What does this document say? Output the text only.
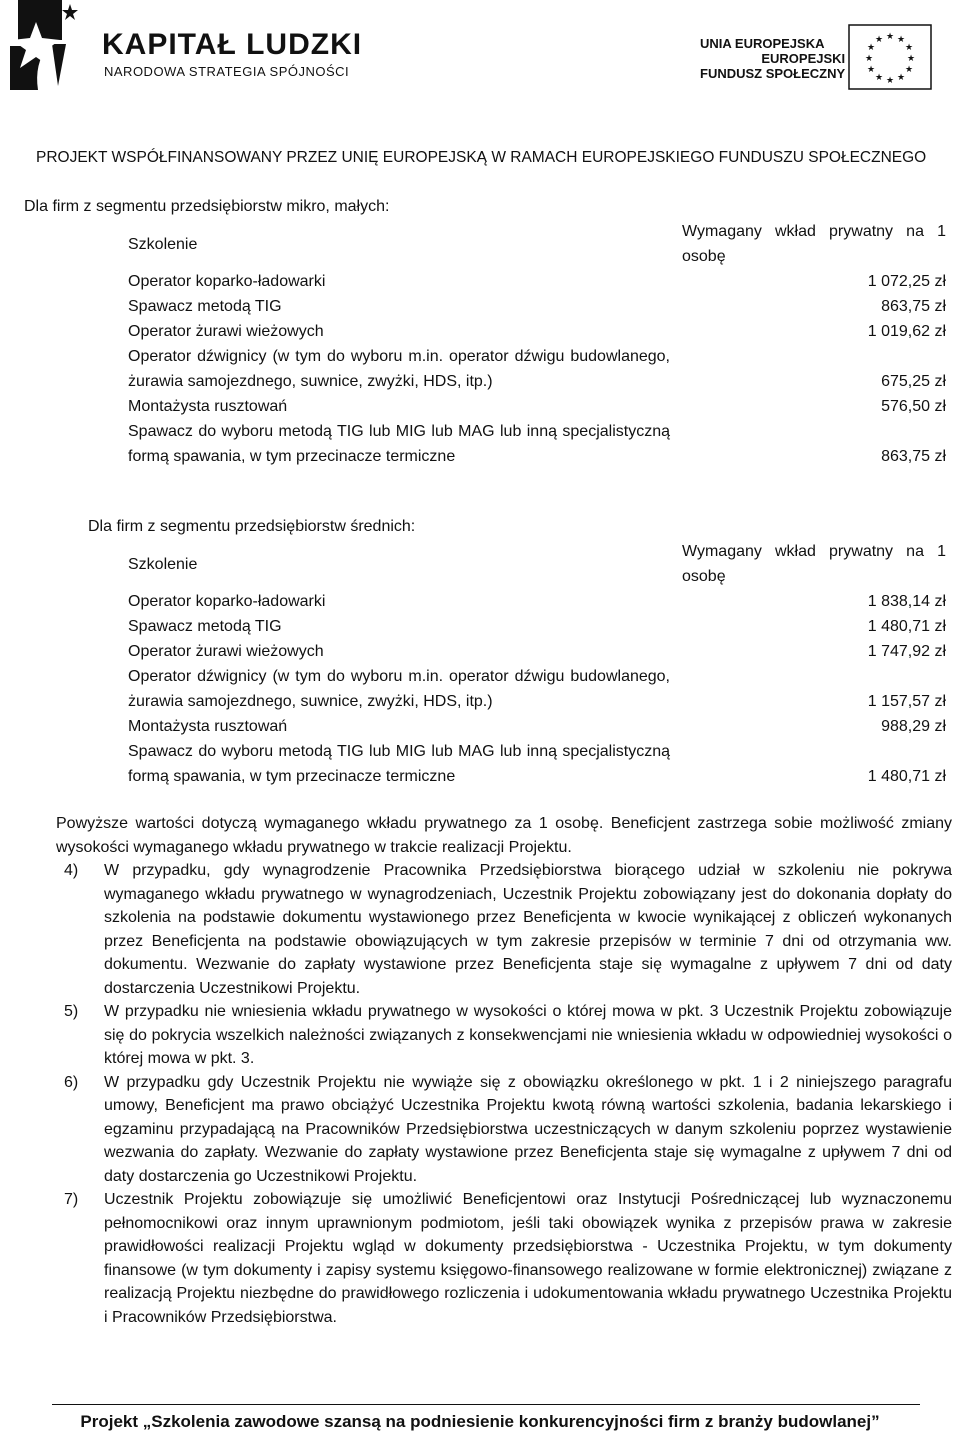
KAPITAŁ LUDZKI
NARODOWA STRATEGIA SPÓJNOŚCI
UNIA EUROPEJSKA
EUROPEJSKI
FUNDUSZ SPOŁECZNY
★ ★
★
★
★
★
★
★
★
★
★
★
PROJEKT WSPÓŁFINANSOWANY PRZEZ UNIĘ EUROPEJSKĄ W RAMACH EUROPEJSKIEGO FUNDUSZU SPOŁECZNEGO
Dla firm z segmentu przedsiębiorstw mikro, małych:
Szkolenie		Wymagany wkład prywatny na 1 osobę
Operator koparko-ładowarki		1 072,25 zł
Spawacz metodą TIG		863,75 zł
Operator żurawi wieżowych		1 019,62 zł
Operator dźwignicy (w tym do wyboru m.in. operator dźwigu budowlanego, żurawia samojezdnego, suwnice, zwyżki, HDS, itp.)		675,25 zł
Montażysta rusztowań		576,50 zł
Spawacz do wyboru metodą TIG lub MIG lub MAG lub inną specjalistyczną formą spawania, w tym przecinacze termiczne		863,75 zł
Dla firm z segmentu przedsiębiorstw średnich:
Szkolenie		Wymagany wkład prywatny na 1 osobę
Operator koparko-ładowarki		1 838,14 zł
Spawacz metodą TIG		1 480,71 zł
Operator żurawi wieżowych		1 747,92 zł
Operator dźwignicy (w tym do wyboru m.in. operator dźwigu budowlanego, żurawia samojezdnego, suwnice, zwyżki, HDS, itp.)		1 157,57 zł
Montażysta rusztowań		988,29 zł
Spawacz do wyboru metodą TIG lub MIG lub MAG lub inną specjalistyczną formą spawania, w tym przecinacze termiczne		1 480,71 zł
Powyższe wartości dotyczą wymaganego wkładu prywatnego za 1 osobę. Beneficjent zastrzega sobie możliwość zmiany wysokości wymaganego wkładu prywatnego w trakcie realizacji Projektu.
4) W przypadku, gdy wynagrodzenie Pracownika Przedsiębiorstwa biorącego udział w szkoleniu nie pokrywa wymaganego wkładu prywatnego w wynagrodzeniach, Uczestnik Projektu zobowiązany jest do dokonania dopłaty do szkolenia na podstawie dokumentu wystawionego przez Beneficjenta w kwocie wynikającej z obliczeń wykonanych przez Beneficjenta na podstawie obowiązujących w tym zakresie przepisów w terminie 7 dni od otrzymania ww. dokumentu. Wezwanie do zapłaty wystawione przez Beneficjenta staje się wymagalne z upływem 7 dni od daty dostarczenia Uczestnikowi Projektu.
5) W przypadku nie wniesienia wkładu prywatnego w wysokości o której mowa w pkt. 3 Uczestnik Projektu zobowiązuje się do pokrycia wszelkich należności związanych z konsekwencjami nie wniesienia wkładu w odpowiedniej wysokości o której mowa w pkt. 3.
6) W przypadku gdy Uczestnik Projektu nie wywiąże się z obowiązku określonego w pkt. 1 i 2 niniejszego paragrafu umowy, Beneficjent ma prawo obciążyć Uczestnika Projektu kwotą równą wartości szkolenia, badania lekarskiego i egzaminu przypadającą na Pracowników Przedsiębiorstwa uczestniczących w danym szkoleniu poprzez wystawienie wezwania do zapłaty. Wezwanie do zapłaty wystawione przez Beneficjenta staje się wymagalne z upływem 7 dni od daty dostarczenia go Uczestnikowi Projektu.
7) Uczestnik Projektu zobowiązuje się umożliwić Beneficjentowi oraz Instytucji Pośredniczącej lub wyznaczonemu pełnomocnikowi oraz innym uprawnionym podmiotom, jeśli taki obowiązek wynika z przepisów prawa w zakresie prawidłowości realizacji Projektu wgląd w dokumenty przedsiębiorstwa - Uczestnika Projektu, w tym dokumenty finansowe (w tym dokumenty i zapisy systemu księgowo-finansowego realizowane w formie elektronicznej) związane z realizacją Projektu niezbędne do prawidłowego rozliczenia i udokumentowania wkładu prywatnego Uczestnika Projektu i Pracowników Przedsiębiorstwa.
Projekt „Szkolenia zawodowe szansą na podniesienie konkurencyjności firm z branży budowlanej”
